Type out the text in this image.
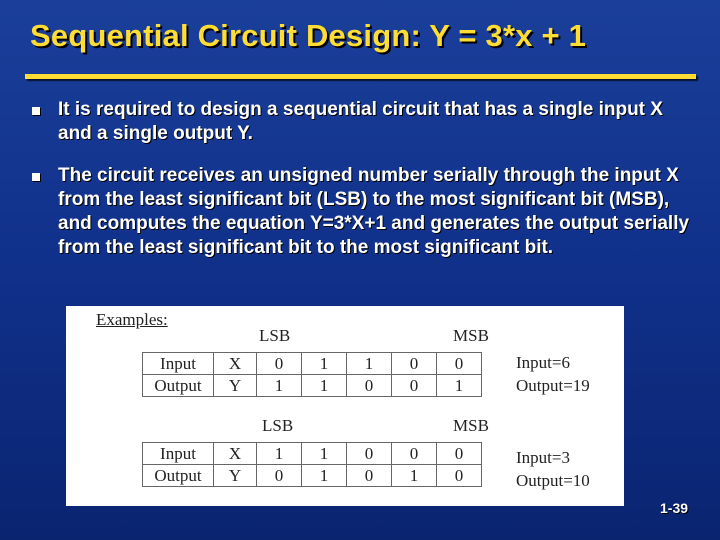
Sequential Circuit Design: Y = 3*x + 1
It is required to design a sequential circuit that has a single input X and a single output Y.
The circuit receives an unsigned number serially through the input X from the least significant bit (LSB) to the most significant bit (MSB), and computes the equation Y=3*X+1 and generates the output serially from the least significant bit to the most significant bit.
Examples:
LSB	MSB
Input	X	0	1	1	0	0
Output	Y	1	1	0	0	1
Input=6
Output=19
LSB	MSB
Input	X	1	1	0	0	0
Output	Y	0	1	0	1	0
Input=3
Output=10
1-39
